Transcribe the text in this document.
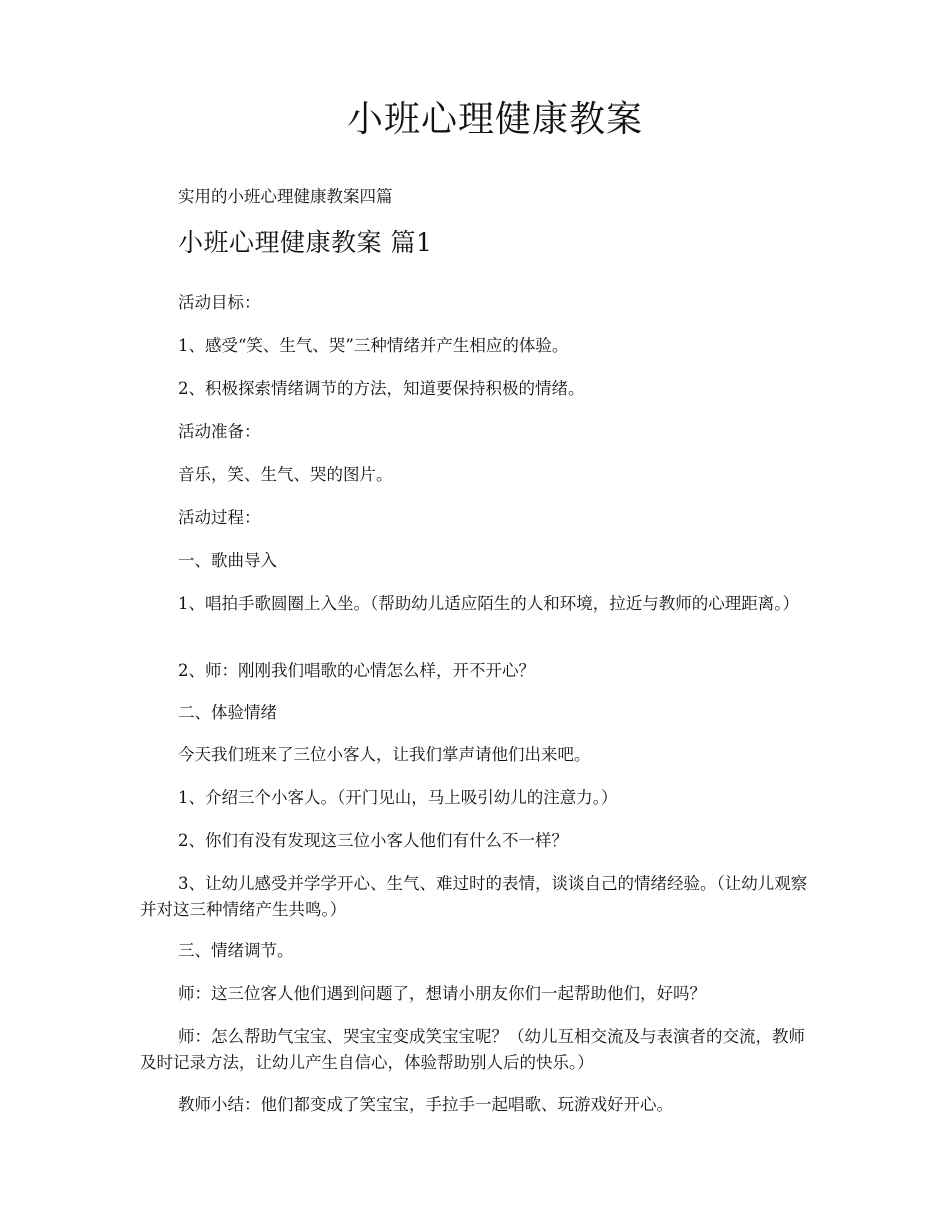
小班心理健康教案

实用的小班心理健康教案四篇

小班心理健康教案 篇1

活动目标：

1、感受“笑、生气、哭”三种情绪并产生相应的体验。

2、积极探索情绪调节的方法，知道要保持积极的情绪。

活动准备：

音乐，笑、生气、哭的图片。

活动过程：

一、歌曲导入

1、唱拍手歌圆圈上入坐。（帮助幼儿适应陌生的人和环境，拉近与教师的心理距离。）

2、师：刚刚我们唱歌的心情怎么样，开不开心？

二、体验情绪

今天我们班来了三位小客人，让我们掌声请他们出来吧。

1、介绍三个小客人。（开门见山，马上吸引幼儿的注意力。）

2、你们有没有发现这三位小客人他们有什么不一样？

3、让幼儿感受并学学开心、生气、难过时的表情，谈谈自己的情绪经验。（让幼儿观察并对这三种情绪产生共鸣。）

三、情绪调节。

师：这三位客人他们遇到问题了，想请小朋友你们一起帮助他们，好吗？

师：怎么帮助气宝宝、哭宝宝变成笑宝宝呢？（幼儿互相交流及与表演者的交流，教师及时记录方法，让幼儿产生自信心，体验帮助别人后的快乐。）

教师小结：他们都变成了笑宝宝，手拉手一起唱歌、玩游戏好开心。
